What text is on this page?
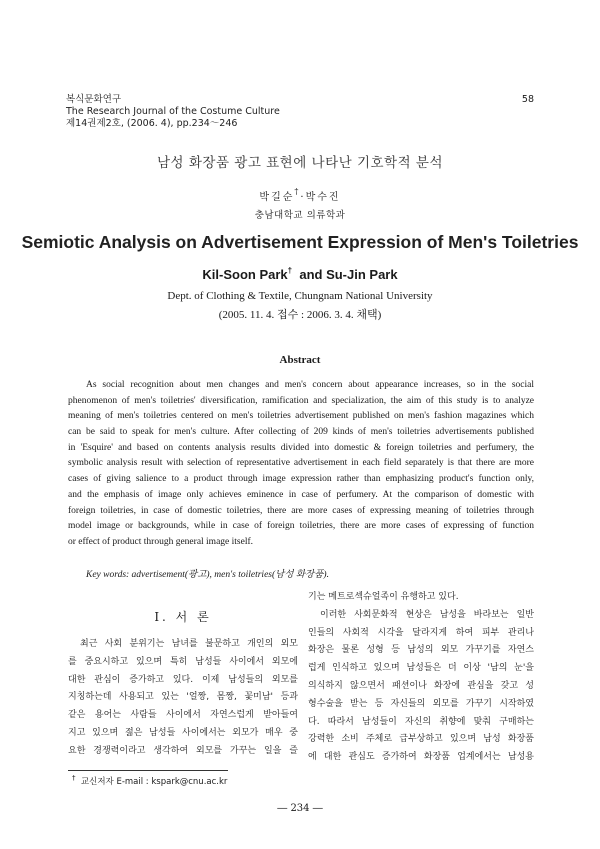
복식문화연구
The Research Journal of the Costume Culture
제14권제2호, (2006. 4), pp.234～246
58
남성 화장품 광고 표현에 나타난 기호학적 분석
박길순†·박수진
충남대학교 의류학과
Semiotic Analysis on Advertisement Expression of Men's Toiletries
Kil-Soon Park† and Su-Jin Park
Dept. of Clothing & Textile, Chungnam National University
(2005. 11. 4. 접수 : 2006. 3. 4. 채택)
Abstract
As social recognition about men changes and men's concern about appearance increases, so in the social
phenomenon of men's toiletries' diversification, ramification and specialization, the aim of this study is to analyze
meaning of men's toiletries centered on men's toiletries advertisement published on men's fashion magazines which
can be said to speak for men's culture. After collecting of 209 kinds of men's toiletries advertisements published
in 'Esquire' and based on contents analysis results divided into domestic & foreign toiletries and perfumery, the
symbolic analysis result with selection of representative advertisement in each field separately is that there are more
cases of giving salience to a product through image expression rather than emphasizing product's function only,
and the emphasis of image only achieves eminence in case of perfumery. At the comparison of domestic with
foreign toiletries, in case of domestic toiletries, there are more cases of expressing meaning of toiletries through
model image or backgrounds, while in case of foreign toiletries, there are more cases of expressing of function
or effect of product through general image itself.
Key words: advertisement(광고), men's toiletries(남성 화장품).
Ⅰ. 서 론
최근 사회 분위기는 남녀를 불문하고 개인의 외모
를 중요시하고 있으며 특히 남성들 사이에서 외모에
대한 관심이 증가하고 있다. 이제 남성들의 외모를
지칭하는데 사용되고 있는 '얼짱, 몸짱, 꽃미남' 등과
같은 용어는 사람들 사이에서 자연스럽게 받아들여
지고 있으며 젊은 남성들 사이에서는 외모가 매우 중
요한 경쟁력이라고 생각하여 외모를 가꾸는 일을 즐
기는 메트로섹슈얼족이 유행하고 있다.
이러한 사회문화적 현상은 남성을 바라보는 일반
인들의 사회적 시각을 달라지게 하여 피부 관리나
화장은 물론 성형 등 남성의 외모 가꾸기를 자연스
럽게 인식하고 있으며 남성들은 더 이상 '남의 눈'을
의식하지 않으면서 패션이나 화장에 관심을 갖고 성
형수술을 받는 등 자신들의 외모를 가꾸기 시작하였
다. 따라서 남성들이 자신의 취향에 맞춰 구매하는
강력한 소비 주체로 급부상하고 있으며 남성 화장품
에 대한 관심도 증가하여 화장품 업계에서는 남성용
† 교신저자 E-mail : kspark@cnu.ac.kr
― 234 ―
